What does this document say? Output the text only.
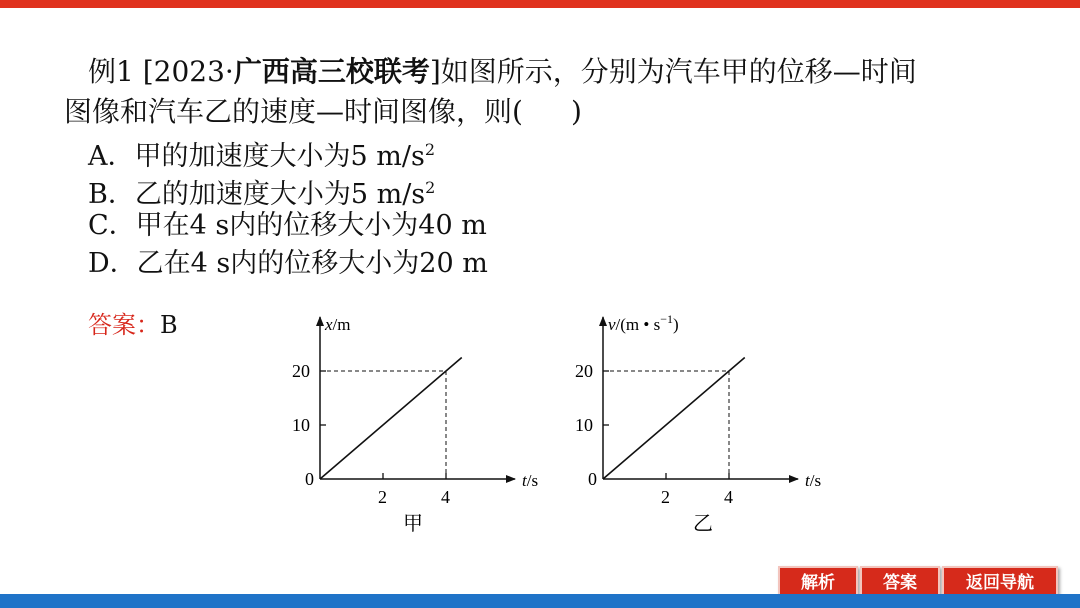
例1 [2023·广西高三校联考]如图所示，分别为汽车甲的位移—时间
图像和汽车乙的速度—时间图像，则( )
A．甲的加速度大小为5 $m/s^2$
B．乙的加速度大小为5 $m/s^2$
C．甲在4 s内的位移大小为40 m
D．乙在4 s内的位移大小为20 m
答案：B	x/m
t/s
0
2	4
10
20
甲
v/(m • $s^{-1}$)
t/s
0
2	4
10
20
乙
解析	答案	返回导航
